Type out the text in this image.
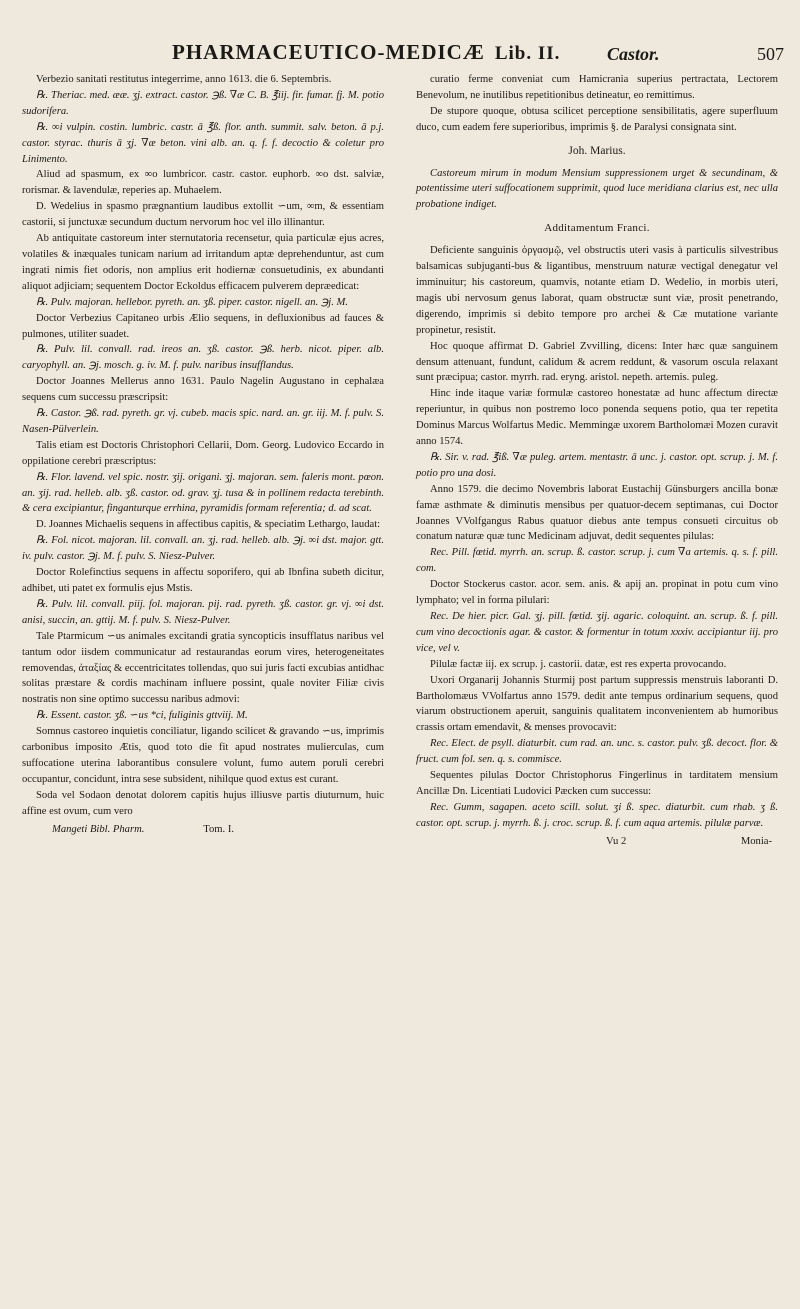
PHARMACEUTICO-MEDICÆ Lib. II.	Castor.	507

Verbezio sanitati restitutus integerrime, anno 1613. die 6. Septembris.

℞. Theriac. med. ææ. ʒj. extract. castor. ℈ß. ∇æ C. B. ℥iij. fir. fumar. fj. M. potio sudorifera.

℞. ∞i vulpin. costin. lumbric. castr. ā ℥ß. flor. anth. summit. salv. beton. ā p.j. castor. styrac. thuris ā ʒj. ∇æ beton. vini alb. an. q. f. f. decoctio & coletur pro Linimento.

Aliud ad spasmum, ex ∞o lumbricor. castr. castor. euphorb. ∞o dst. salviæ, rorismar. & lavendulæ, reperies ap. Muhaelem.

D. Wedelius in spasmo prægnantium laudibus extollit ∽um, ∞m, & essentiam castorii, si junctuxæ secundum ductum nervorum hoc vel illo illinantur.

Ab antiquitate castoreum inter sternutatoria recensetur, quia particulæ ejus acres, volatiles & inæquales tunicam narium ad irritandum aptæ deprehenduntur, ast cum ingrati nimis fiet odoris, non amplius erit hodiernæ consuetudinis, ex abundanti aliquot adjiciam; sequentem Doctor Eckoldus efficacem pulverem depræedicat:

℞. Pulv. majoran. hellebor. pyreth. an. ʒß. piper. castor. nigell. an. ℈j. M.

Doctor Verbezius Capitaneo urbis Ælio sequens, in defluxionibus ad fauces & pulmones, utiliter suadet.

℞. Pulv. lil. convall. rad. ireos an. ʒß. castor. ℈ß. herb. nicot. piper. alb. caryophyll. an. ℈j. mosch. g. iv. M. f. pulv. naribus insufflandus.

Doctor Joannes Mellerus anno 1631. Paulo Nagelin Augustano in cephalæa sequens cum successu præscripsit:

℞. Castor. ℈ß. rad. pyreth. gr. vj. cubeb. macis spic. nard. an. gr. iij. M. f. pulv. S. Nasen-Pülverlein.

Talis etiam est Doctoris Christophori Cellarii, Dom. Georg. Ludovico Eccardo in oppilatione cerebri præscriptus:

℞. Flor. lavend. vel spic. nostr. ʒij. origani. ʒj. majoran. sem. faleris mont. pœon. an. ʒij. rad. helleb. alb. ʒß. castor. od. grav. ʒj. tusa & in pollinem redacta terebinth. & cera excipiantur, finganturque errhina, pyramidis formam referentia; d. ad scat.

D. Joannes Michaelis sequens in affectibus capitis, & speciatim Lethargo, laudat:

℞. Fol. nicot. majoran. lil. convall. an. ʒj. rad. helleb. alb. ℈j. ∞i dst. major. gtt. iv. pulv. castor. ℈j. M. f. pulv. S. Niesz-Pulver.

Doctor Rolefinctius sequens in affectu soporifero, qui ab Ibnfina subeth dicitur, adhibet, uti patet ex formulis ejus Mstis.

℞. Pulv. lil. convall. piij. fol. majoran. pij. rad. pyreth. ʒß. castor. gr. vj. ∞i dst. anisi, succin, an. gttij. M. f. pulv. S. Niesz-Pulver.

Tale Ptarmicum ∽us animales excitandi gratia syncopticis insufflatus naribus vel tantum odor iisdem communicatur ad restaurandas eorum vires, heterogeneitates removendas, ἀταξίας & eccentricitates tollendas, quo sui juris facti excubias antidhac solitas præstare & cordis machinam influere possint, quale noviter Filiæ civis nostratis non sine optimo successu naribus admovi:

℞. Essent. castor. ʒß. ∽us *ci, fuliginis gttviij. M.

Somnus castoreo inquietis conciliatur, ligando scilicet & gravando ∽us, imprimis carbonibus imposito Ætis, quod toto die fit apud nostrates mulierculas, cum suffocatione uterina laborantibus consulere volunt, fumo autem poruli cerebri occupantur, concidunt, intra sese subsident, nihilque quod extus est curant.

Soda vel Sodaon denotat dolorem capitis hujus illiusve partis diuturnum, huic affine est ovum, cum vero

Mangeti Bibl. Pharm.	Tom. I.

curatio ferme conveniat cum Hamicrania superius pertractata, Lectorem Benevolum, ne inutilibus repetitionibus detineatur, eo remittimus.

De stupore quoque, obtusa scilicet perceptione sensibilitatis, agere superfluum duco, cum eadem fere superioribus, imprimis §. de Paralysi consignata sint.

Joh. Marius.

Castoreum mirum in modum Mensium suppressionem urget & secundinam, & potentissime uteri suffocationem supprimit, quod luce meridiana clarius est, nec ulla probatione indiget.

Additamentum Franci.

Deficiente sanguinis ὀργασμῷ, vel obstructis uteri vasis à particulis silvestribus balsamicas subjuganti-bus & ligantibus, menstruum naturæ vectigal denegatur vel imminuitur; his castoreum, quamvis, notante etiam D. Wedelio, in morbis uteri, magis ubi nervosum genus laborat, quam obstructæ sunt viæ, prosit penetrando, digerendo, imprimis si debito tempore pro archei & Cæ mutatione variante propinetur, resistit.

Hoc quoque affirmat D. Gabriel Zvvilling, dicens: Inter hæc quæ sanguinem densum attenuant, fundunt, calidum & acrem reddunt, & vasorum oscula relaxant sunt præcipua; castor. myrrh. rad. eryng. aristol. nepeth. artemis. puleg.

Hinc inde itaque variæ formulæ castoreo honestatæ ad hunc affectum directæ reperiuntur, in quibus non postremo loco ponenda sequens potio, qua ter repetita Dominus Marcus Wolfartus Medic. Memmingæ uxorem Bartholomæi Mozen curavit anno 1574.

℞. Sir. v. rad. ℥iß. ∇æ puleg. artem. mentastr. ā unc. j. castor. opt. scrup. j. M. f. potio pro una dosi.

Anno 1579. die decimo Novembris laborat Eustachij Günsburgers ancilla bonæ famæ asthmate & diminutis mensibus per quatuor-decem septimanas, cui Doctor Joannes VVolfgangus Rabus quatuor diebus ante tempus consueti circuitus ob conatum naturæ quæ tunc Medicinam adjuvat, dedit sequentes pilulas:

Rec. Pill. fœtid. myrrh. an. scrup. ß. castor. scrup. j. cum ∇a artemis. q. s. f. pill. com.

Doctor Stockerus castor. acor. sem. anis. & apij an. propinat in potu cum vino lymphato; vel in forma pilulari:

Rec. De hier. picr. Gal. ʒj. pill. fœtid. ʒij. agaric. coloquint. an. scrup. ß. f. pill. cum vino decoctionis agar. & castor. & formentur in totum xxxiv. accipiantur iij. pro vice, vel v.

Pilulæ factæ iij. ex scrup. j. castorii. datæ, est res experta provocando.

Uxori Organarij Johannis Sturmij post partum suppressis menstruis laboranti D. Bartholomæus VVolfartus anno 1579. dedit ante tempus ordinarium sequens, quod viarum obstructionem aperuit, sanguinis qualitatem inconvenientem ab humoribus crassis ortam emendavit, & menses provocavit:

Rec. Elect. de psyll. diaturbit. cum rad. an. unc. s. castor. pulv. ʒß. decoct. flor. & fruct. cum fol. sen. q. s. commisce.

Sequentes pilulas Doctor Christophorus Fingerlinus in tarditatem mensium Ancillæ Dn. Licentiati Ludovici Pæcken cum successu:

Rec. Gumm, sagapen. aceto scill. solut. ʒi ß. spec. diaturbit. cum rhab. ʒ ß. castor. opt. scrup. j. myrrh. ß. j. croc. scrup. ß. f. cum aqua artemis. pilulæ parvæ.

Vu 2	Monia-
